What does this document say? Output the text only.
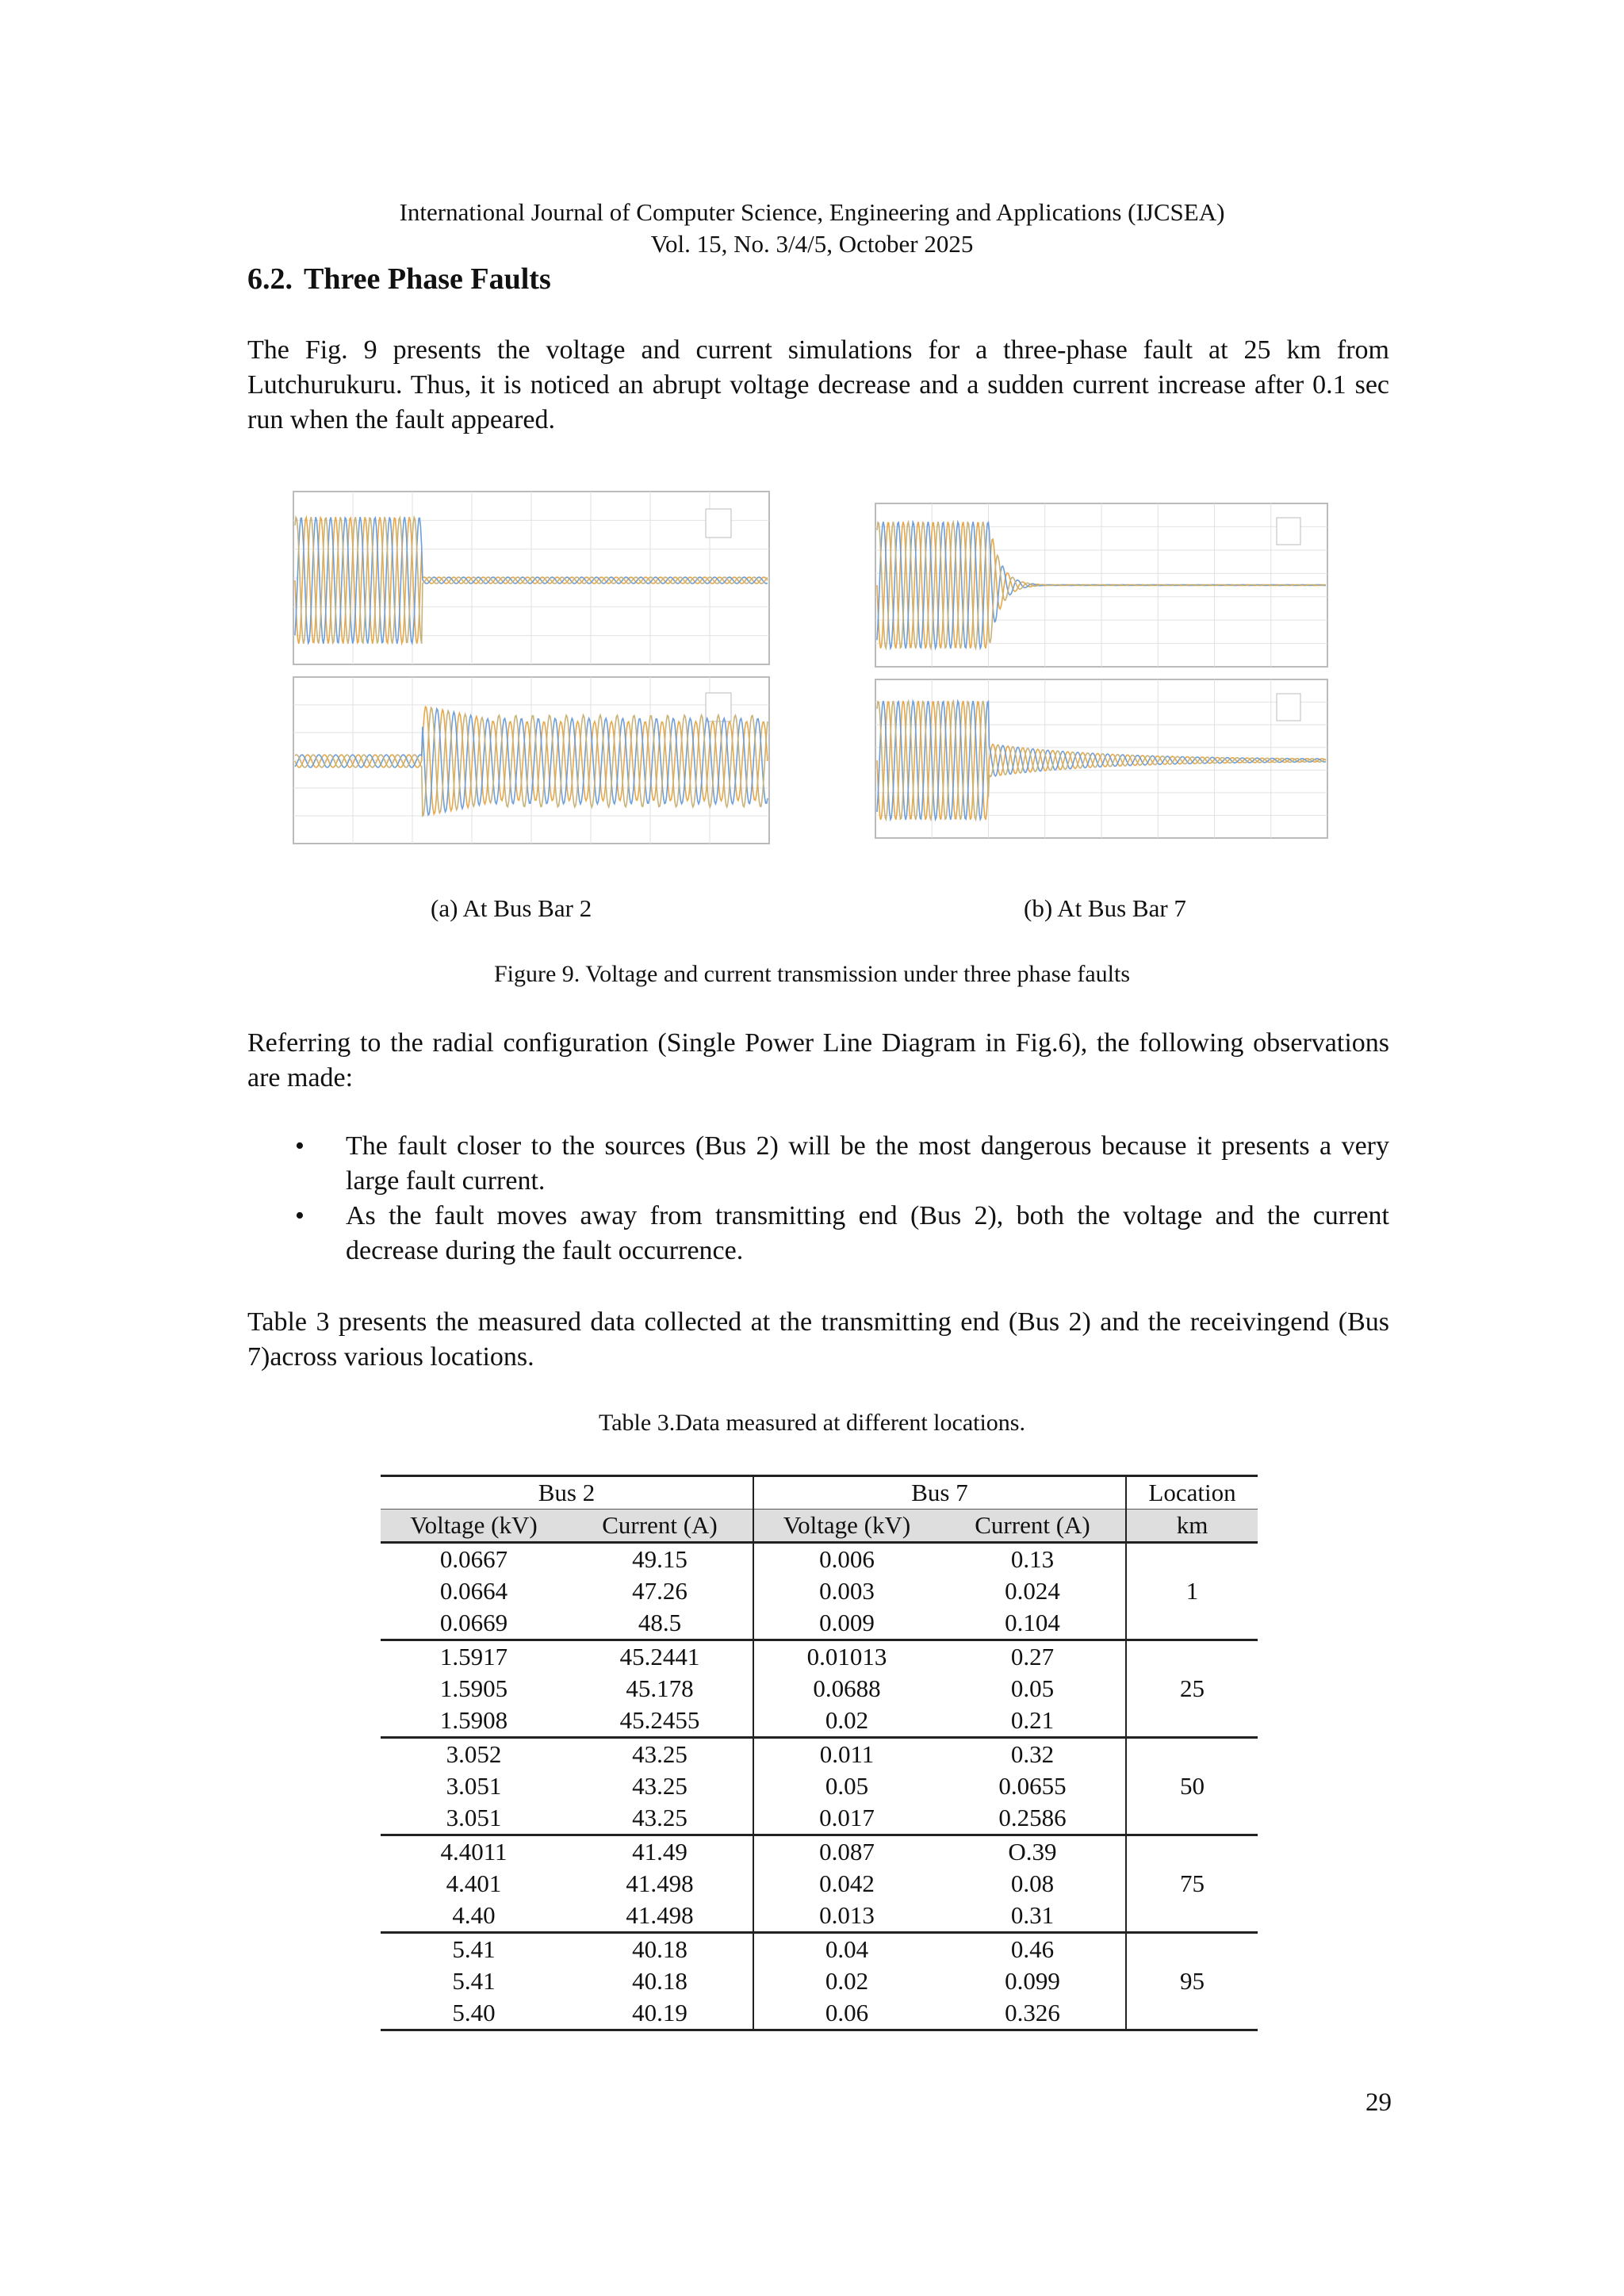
International Journal of Computer Science, Engineering and Applications (IJCSEA)
Vol. 15, No. 3/4/5, October 2025
6.2. Three Phase Faults
The Fig. 9 presents the voltage and current simulations for a three-phase fault at 25 km from Lutchurukuru. Thus, it is noticed an abrupt voltage decrease and a sudden current increase after 0.1 sec run when the fault appeared.
(a) At Bus Bar 2	(b) At Bus Bar 7
Figure 9. Voltage and current transmission under three phase faults
Referring to the radial configuration (Single Power Line Diagram in Fig.6), the following observations are made:
• The fault closer to the sources (Bus 2) will be the most dangerous because it presents a very large fault current.
• As the fault moves away from transmitting end (Bus 2), both the voltage and the current decrease during the fault occurrence.
Table 3 presents the measured data collected at the transmitting end (Bus 2) and the receivingend (Bus 7)across various locations.
Table 3.Data measured at different locations.
Bus 2		Bus 7		Location
Voltage (kV)	Current (A)	Voltage (kV)	Current (A)	km
0.0667	49.15	0.006	0.13	1
0.0664	47.26	0.003	0.024	
0.0669	48.5	0.009	0.104	
1.5917	45.2441	0.01013	0.27	25
1.5905	45.178	0.0688	0.05	
1.5908	45.2455	0.02	0.21	
3.052	43.25	0.011	0.32	50
3.051	43.25	0.05	0.0655	
3.051	43.25	0.017	0.2586	
4.4011	41.49	0.087	O.39	75
4.401	41.498	0.042	0.08	
4.40	41.498	0.013	0.31	
5.41	40.18	0.04	0.46	95
5.41	40.18	0.02	0.099	
5.40	40.19	0.06	0.326	
29
